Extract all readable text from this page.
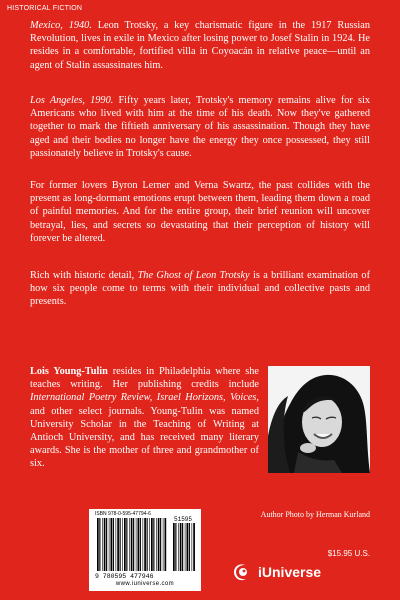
HISTORICAL FICTION

Mexico, 1940. Leon Trotsky, a key charismatic figure in the 1917 Russian Revolution, lives in exile in Mexico after losing power to Josef Stalin in 1924. He resides in a comfortable, fortified villa in Coyoacán in relative peace—until an agent of Stalin assassinates him.

Los Angeles, 1990. Fifty years later, Trotsky's memory remains alive for six Americans who lived with him at the time of his death. Now they've gathered together to mark the fiftieth anniversary of his assassination. Though they have aged and their bodies no longer have the energy they once possessed, they still passionately believe in Trotsky's cause.

For former lovers Byron Lerner and Verna Swartz, the past collides with the present as long-dormant emotions erupt between them, leading them down a road of painful memories. And for the entire group, their brief reunion will uncover betrayal, lies, and secrets so devastating that their perception of history will forever be altered.

Rich with historic detail, The Ghost of Leon Trotsky is a brilliant examination of how six people come to terms with their individual and collective pasts and presents.

Lois Young-Tulin resides in Philadelphia where she teaches writing. Her publishing credits include International Poetry Review, Israel Horizons, Voices, and other select journals. Young-Tulin was named University Scholar in the Teaching of Writing at Antioch University, and has received many literary awards. She is the mother of three and grandmother of six.

Author Photo by Herman Kurland
ISBN 978-0-595-47794-6
9 780595 477946
51595
www.iuniverse.com
$15.95 U.S.
iUniverse
